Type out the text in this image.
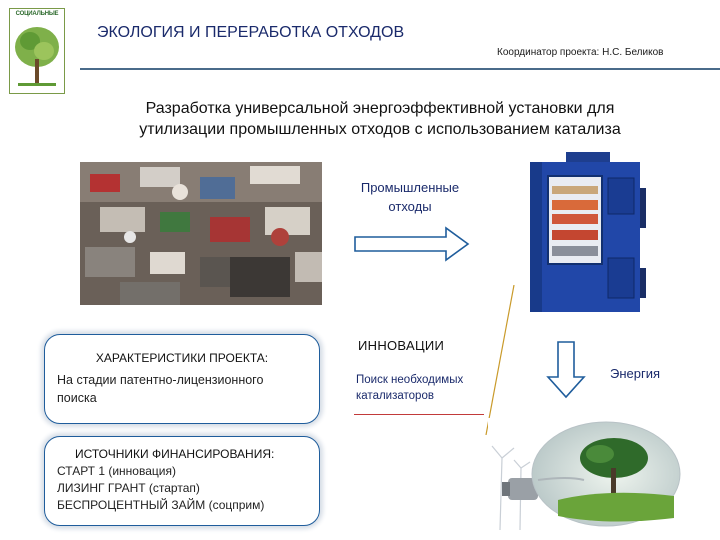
СОЦИАЛЬНЫЕ
ЭКОЛОГИЯ И ПЕРЕРАБОТКА ОТХОДОВ
Координатор проекта: Н.С. Беликов
Разработка универсальной энергоэффективной установки для
утилизации промышленных отходов с использованием катализа
Промышленные
отходы
ХАРАКТЕРИСТИКИ ПРОЕКТА:
На стадии патентно-лицензионного
поиска
ИСТОЧНИКИ ФИНАНСИРОВАНИЯ:
СТАРТ 1 (инновация)
ЛИЗИНГ ГРАНТ (стартап)
БЕСПРОЦЕНТНЫЙ ЗАЙМ (соцприм)
ИННОВАЦИИ
Поиск необходимых
катализаторов
Энергия
